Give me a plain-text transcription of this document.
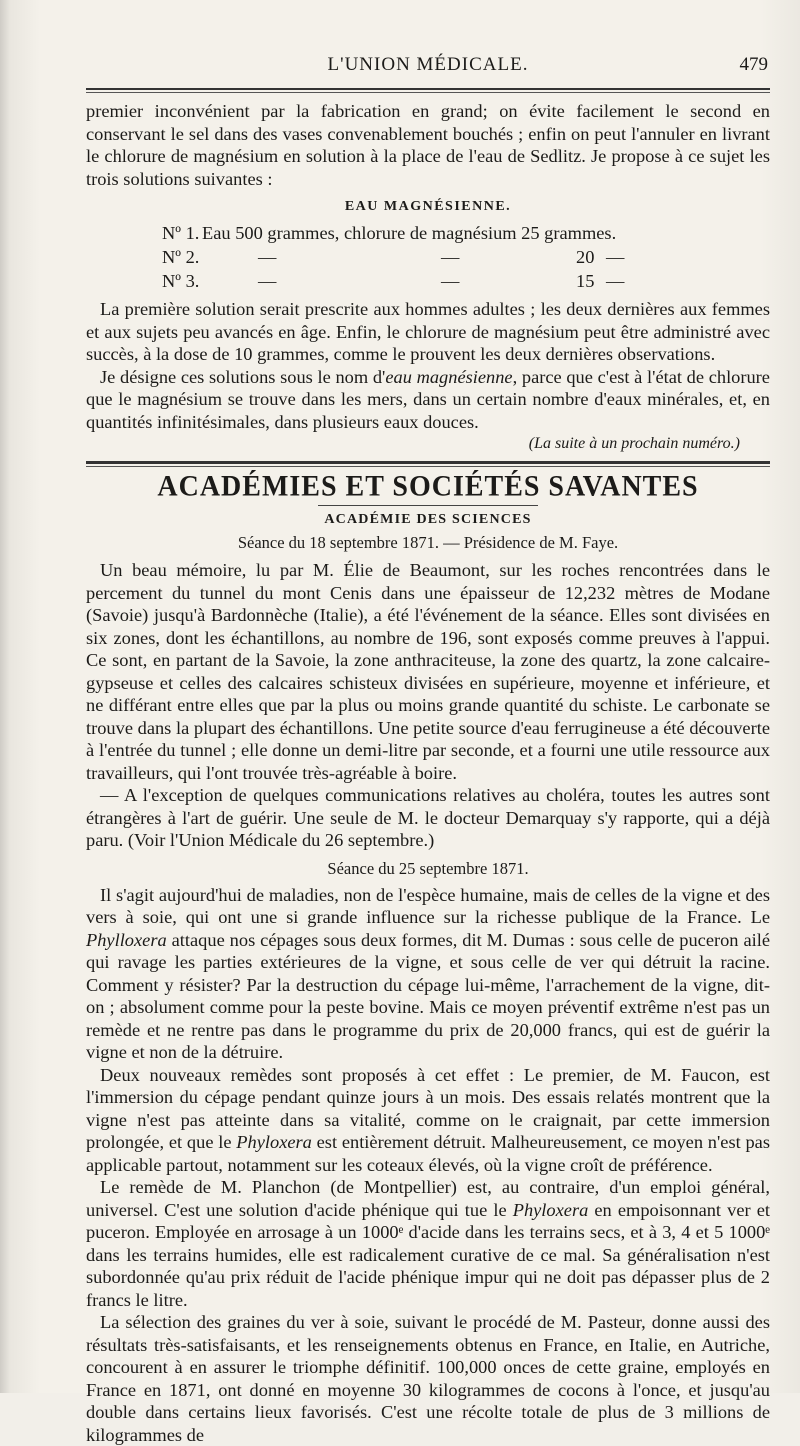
L'UNION MÉDICALE.	479

premier inconvénient par la fabrication en grand; on évite facilement le second en conservant le sel dans des vases convenablement bouchés ; enfin on peut l'annuler en livrant le chlorure de magnésium en solution à la place de l'eau de Sedlitz. Je propose à ce sujet les trois solutions suivantes :

EAU MAGNÉSIENNE.
Nº 1. Eau 500 grammes, chlorure de magnésium 25 grammes.
Nº 2.	—	—	20 —
Nº 3.	—	—	15 —

La première solution serait prescrite aux hommes adultes ; les deux dernières aux femmes et aux sujets peu avancés en âge. Enfin, le chlorure de magnésium peut être administré avec succès, à la dose de 10 grammes, comme le prouvent les deux dernières observations.

Je désigne ces solutions sous le nom d'eau magnésienne, parce que c'est à l'état de chlorure que le magnésium se trouve dans les mers, dans un certain nombre d'eaux minérales, et, en quantités infinitésimales, dans plusieurs eaux douces.

(La suite à un prochain numéro.)
ACADÉMIES ET SOCIÉTÉS SAVANTES
ACADÉMIE DES SCIENCES
Séance du 18 septembre 1871. — Présidence de M. Faye.

Un beau mémoire, lu par M. Élie de Beaumont, sur les roches rencontrées dans le percement du tunnel du mont Cenis dans une épaisseur de 12,232 mètres de Modane (Savoie) jusqu'à Bardonnèche (Italie), a été l'événement de la séance. Elles sont divisées en six zones, dont les échantillons, au nombre de 196, sont exposés comme preuves à l'appui. Ce sont, en partant de la Savoie, la zone anthraciteuse, la zone des quartz, la zone calcaire-gypseuse et celles des calcaires schisteux divisées en supérieure, moyenne et inférieure, et ne différant entre elles que par la plus ou moins grande quantité du schiste. Le carbonate se trouve dans la plupart des échantillons. Une petite source d'eau ferrugineuse a été découverte à l'entrée du tunnel ; elle donne un demi-litre par seconde, et a fourni une utile ressource aux travailleurs, qui l'ont trouvée très-agréable à boire.

— A l'exception de quelques communications relatives au choléra, toutes les autres sont étrangères à l'art de guérir. Une seule de M. le docteur Demarquay s'y rapporte, qui a déjà paru. (Voir l'Union Médicale du 26 septembre.)

Séance du 25 septembre 1871.

Il s'agit aujourd'hui de maladies, non de l'espèce humaine, mais de celles de la vigne et des vers à soie, qui ont une si grande influence sur la richesse publique de la France. Le Phylloxera attaque nos cépages sous deux formes, dit M. Dumas : sous celle de puceron ailé qui ravage les parties extérieures de la vigne, et sous celle de ver qui détruit la racine. Comment y résister? Par la destruction du cépage lui-même, l'arrachement de la vigne, dit-on ; absolument comme pour la peste bovine. Mais ce moyen préventif extrême n'est pas un remède et ne rentre pas dans le programme du prix de 20,000 francs, qui est de guérir la vigne et non de la détruire.

Deux nouveaux remèdes sont proposés à cet effet : Le premier, de M. Faucon, est l'immersion du cépage pendant quinze jours à un mois. Des essais relatés montrent que la vigne n'est pas atteinte dans sa vitalité, comme on le craignait, par cette immersion prolongée, et que le Phyloxera est entièrement détruit. Malheureusement, ce moyen n'est pas applicable partout, notamment sur les coteaux élevés, où la vigne croît de préférence.

Le remède de M. Planchon (de Montpellier) est, au contraire, d'un emploi général, universel. C'est une solution d'acide phénique qui tue le Phyloxera en empoisonnant ver et puceron. Employée en arrosage à un 1000ᵉ d'acide dans les terrains secs, et à 3, 4 et 5 1000ᵉ dans les terrains humides, elle est radicalement curative de ce mal. Sa généralisation n'est subordonnée qu'au prix réduit de l'acide phénique impur qui ne doit pas dépasser plus de 2 francs le litre.

La sélection des graines du ver à soie, suivant le procédé de M. Pasteur, donne aussi des résultats très-satisfaisants, et les renseignements obtenus en France, en Italie, en Autriche, concourent à en assurer le triomphe définitif. 100,000 onces de cette graine, employés en France en 1871, ont donné en moyenne 30 kilogrammes de cocons à l'once, et jusqu'au double dans certains lieux favorisés. C'est une récolte totale de plus de 3 millions de kilogrammes de
